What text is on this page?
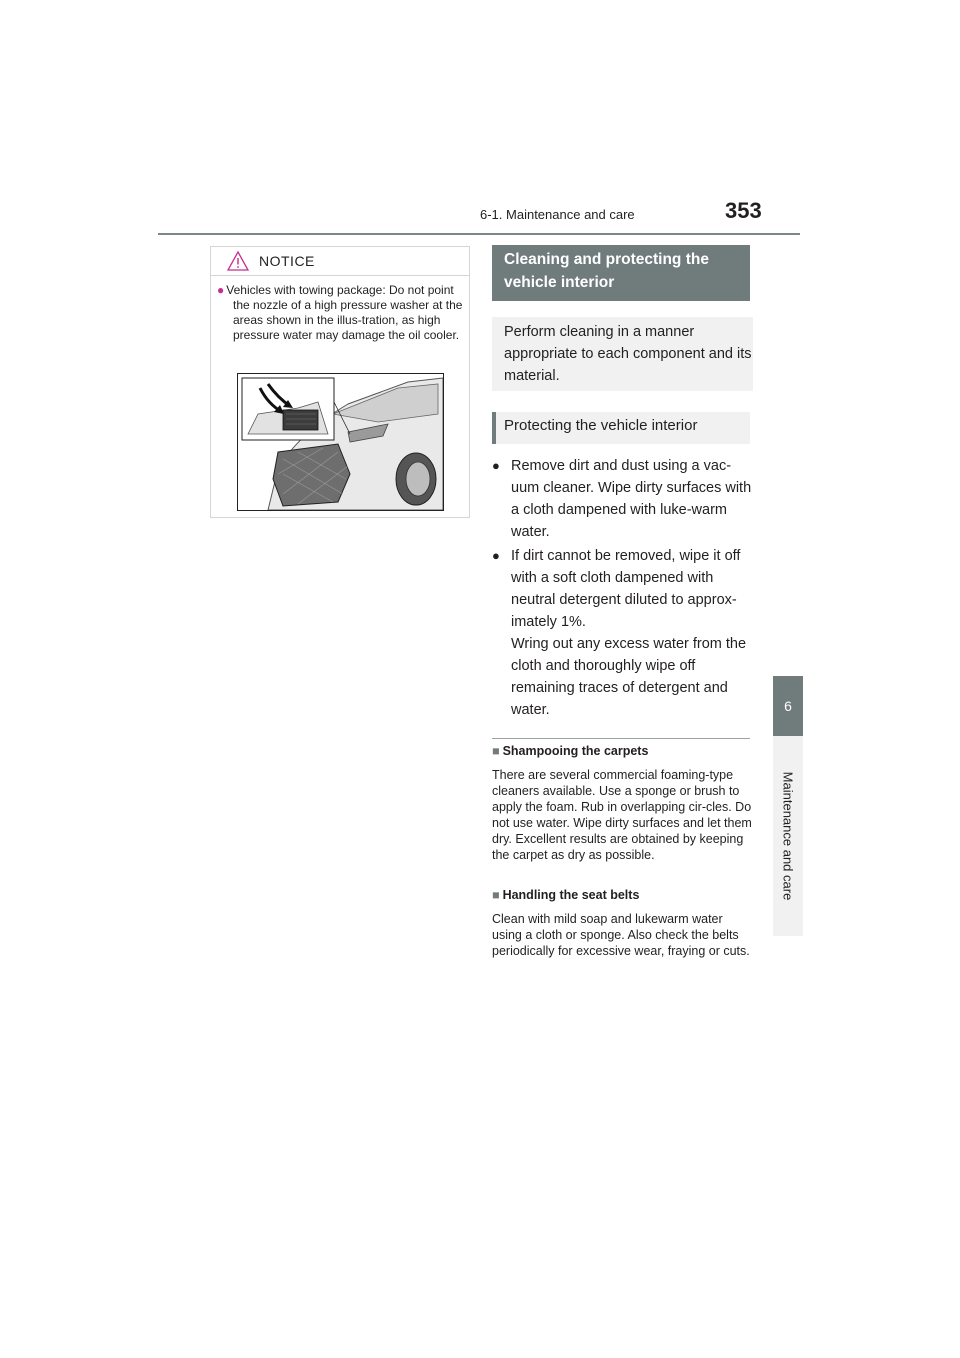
6-1. Maintenance and care	353
6
Maintenance and care
NOTICE

● Vehicles with towing package: Do not point the nozzle of a high pressure washer at the areas shown in the illus-tration, as high pressure water may damage the oil cooler.

Cleaning and protecting the vehicle interior
Perform cleaning in a manner appropriate to each component and its material.
Protecting the vehicle interior
● Remove dirt and dust using a vac-uum cleaner. Wipe dirty surfaces with a cloth dampened with luke-warm water.
● If dirt cannot be removed, wipe it off with a soft cloth dampened with neutral detergent diluted to approx-imately 1%.
Wring out any excess water from the cloth and thoroughly wipe off remaining traces of detergent and water.
■ Shampooing the carpets
There are several commercial foaming-type cleaners available. Use a sponge or brush to apply the foam. Rub in overlapping cir-cles. Do not use water. Wipe dirty surfaces and let them dry. Excellent results are obtained by keeping the carpet as dry as possible.
■ Handling the seat belts
Clean with mild soap and lukewarm water using a cloth or sponge. Also check the belts periodically for excessive wear, fraying or cuts.
